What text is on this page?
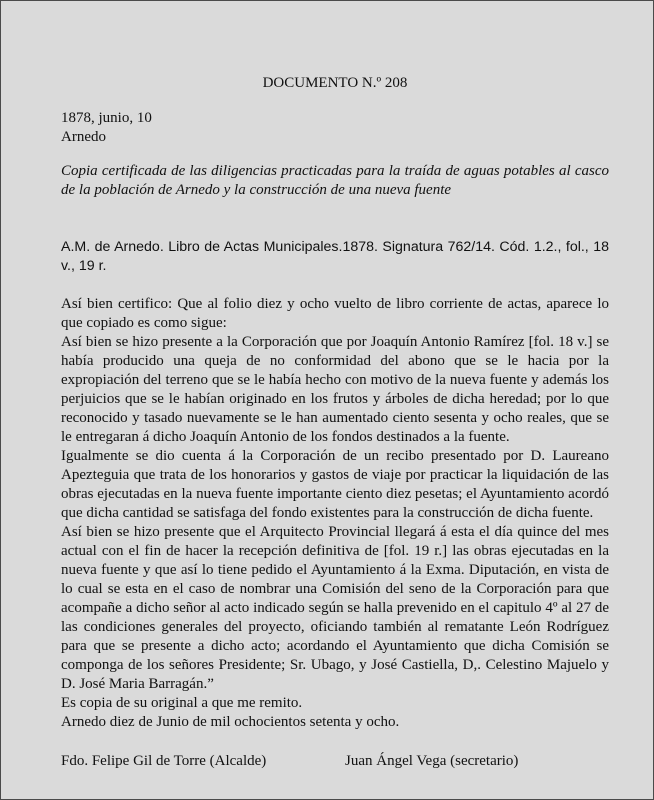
DOCUMENTO N.º 208
1878, junio, 10
Arnedo
Copia certificada de las diligencias practicadas para la traída de aguas potables al casco de la población de Arnedo y la construcción de una nueva fuente
A.M. de Arnedo. Libro de Actas Municipales.1878. Signatura 762/14. Cód. 1.2., fol., 18 v., 19 r.

Así bien certifico: Que al folio diez y ocho vuelto de libro corriente de actas, aparece lo que copiado es como sigue:

Así bien se hizo presente a la Corporación que por Joaquín Antonio Ramírez [fol. 18 v.] se había producido una queja de no conformidad del abono que se le hacia por la expropiación del terreno que se le había hecho con motivo de la nueva fuente y además los perjuicios que se le habían originado en los frutos y árboles de dicha heredad; por lo que reconocido y tasado nuevamente se le han aumentado ciento sesenta y ocho reales, que se le entregaran á dicho Joaquín Antonio de los fondos destinados a la fuente.

Igualmente se dio cuenta á la Corporación de un recibo presentado por D. Laureano Apezteguia que trata de los honorarios y gastos de viaje por practicar la liquidación de las obras ejecutadas en la nueva fuente importante ciento diez pesetas; el Ayuntamiento acordó que dicha cantidad se satisfaga del fondo existentes para la construcción de dicha fuente.

Así bien se hizo presente que el Arquitecto Provincial llegará á esta el día quince del mes actual con el fin de hacer la recepción definitiva de [fol. 19 r.] las obras ejecutadas en la nueva fuente y que así lo tiene pedido el Ayuntamiento á la Exma. Diputación, en vista de lo cual se esta en el caso de nombrar una Comisión del seno de la Corporación para que acompañe a dicho señor al acto indicado según se halla prevenido en el capitulo 4º al 27 de las condiciones generales del proyecto, oficiando también al rematante León Rodríguez para que se presente a dicho acto; acordando el Ayuntamiento que dicha Comisión se componga de los señores Presidente; Sr. Ubago, y José Castiella, D,. Celestino Majuelo y D. José Maria Barragán.”

Es copia de su original a que me remito.

Arnedo diez de Junio de mil ochocientos setenta y ocho.

Fdo. Felipe Gil de Torre (Alcalde)	Juan Ángel Vega (secretario)
